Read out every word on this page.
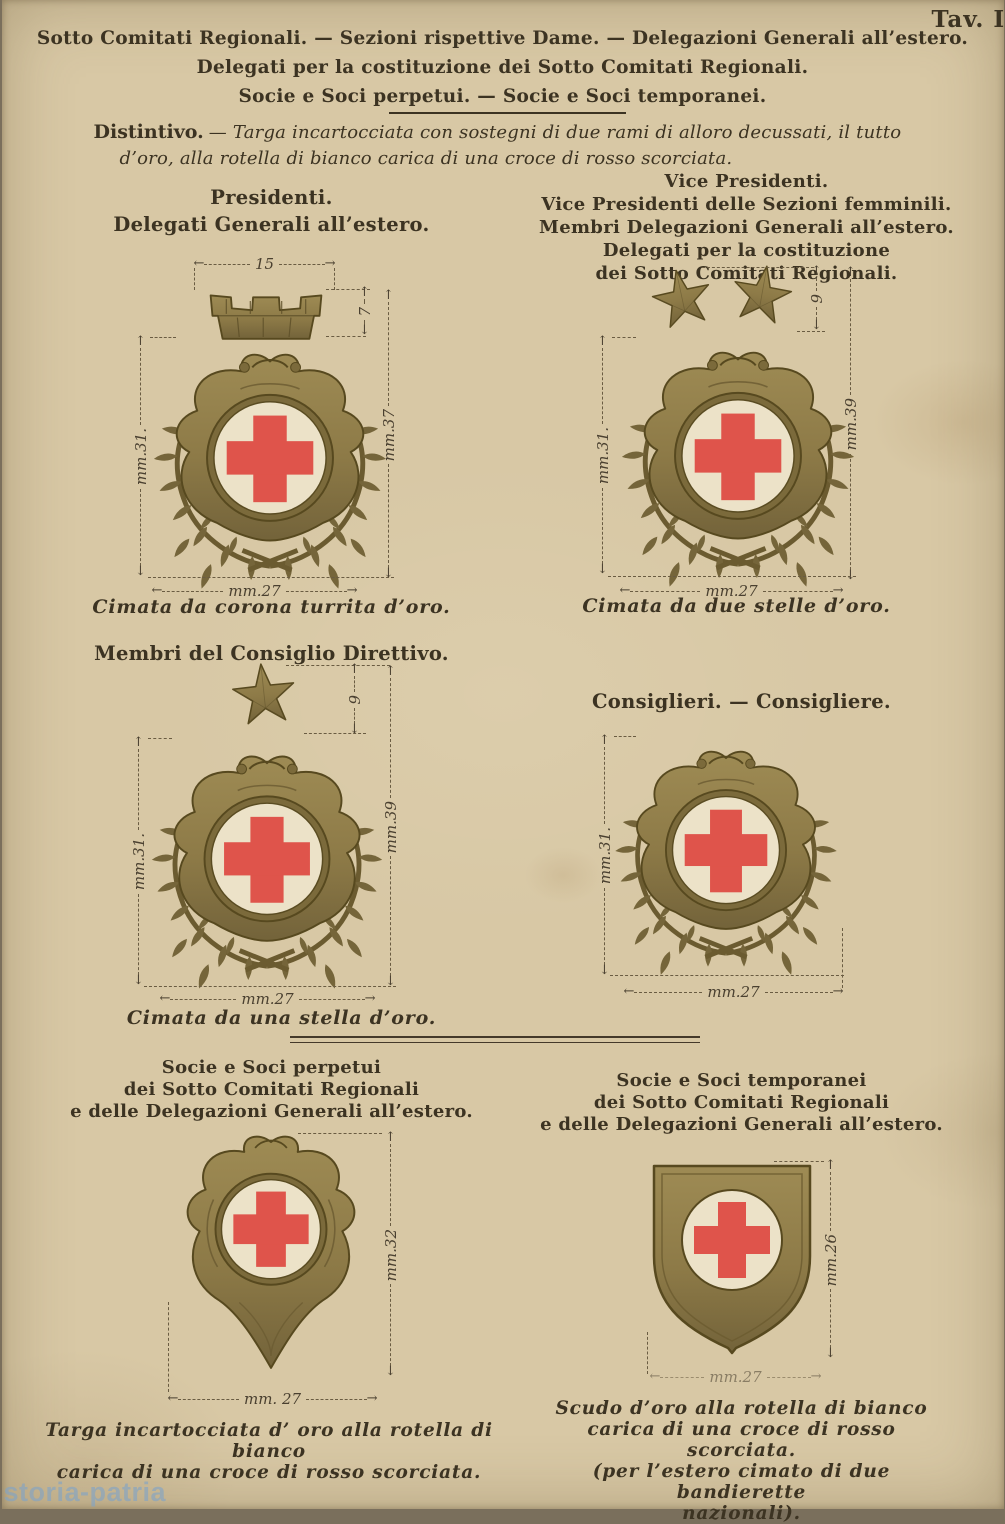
Tav. I
Sotto Comitati Regionali. — Sezioni rispettive Dame. — Delegazioni Generali all’estero.
Delegati per la costituzione dei Sotto Comitati Regionali.
Socie e Soci perpetui. — Socie e Soci temporanei.
Distintivo. — Targa incartocciata con sostegni di due rami di alloro decussati, il tutto
d’oro, alla rotella di bianco carica di una croce di rosso scorciata.
Presidenti.
Delegati Generali all’estero.
← 15
→
↑ 7
↓
↑ mm.37
↓
↑ mm.31.
↓
← mm.27
→
Cimata da corona turrita d’oro.
Vice Presidenti.
Vice Presidenti delle Sezioni femminili.
Membri Delegazioni Generali all’estero.
Delegati per la costituzione
dei Sotto Comitati Regionali.
↑ 9
↓
↑ mm.39
↓
↑ mm.31.
↓
← mm.27
→
Cimata da due stelle d’oro.
Membri del Consiglio Direttivo.
↑ 9
↓
↑ mm.39
↓
↑ mm.31.
↓
← mm.27
→
Cimata da una stella d’oro.
Consiglieri. — Consigliere.
↑ mm.31.
↓
← mm.27
→
Socie e Soci perpetui
dei Sotto Comitati Regionali
e delle Delegazioni Generali all’estero.
↑ mm.32
↓
← mm. 27
→
Targa incartocciata d’ oro alla rotella di bianco
carica di una croce di rosso scorciata.
Socie e Soci temporanei
dei Sotto Comitati Regionali
e delle Delegazioni Generali all’estero.
↑ mm.26
↓
← mm.27
→
Scudo d’oro alla rotella di bianco
carica di una croce di rosso scorciata.
(per l’estero cimato di due bandierette
nazionali).
storia-patria
